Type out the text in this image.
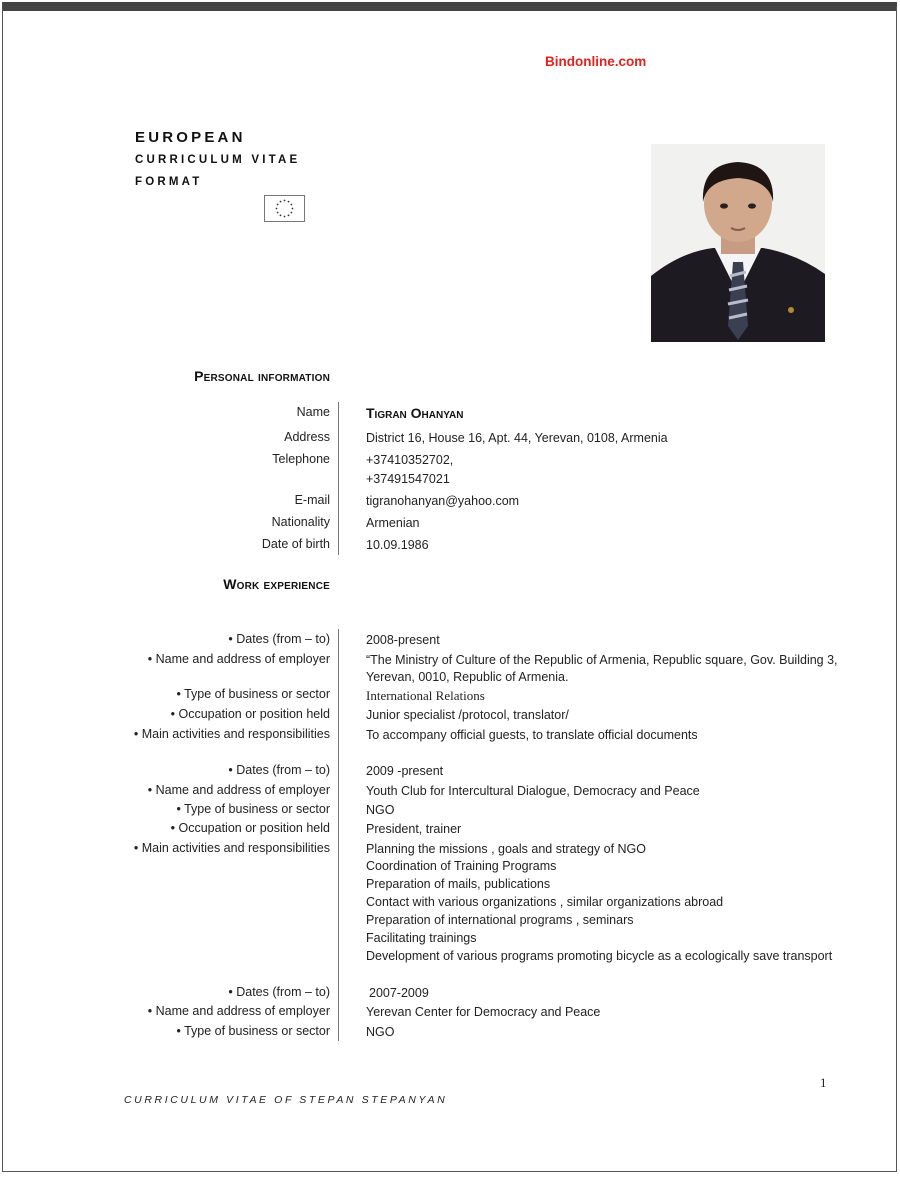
Bindonline.com
EUROPEAN
CURRICULUM VITAE
FORMAT
Personal information
Name	Tigran Ohanyan
Address	District 16, House 16, Apt. 44, Yerevan, 0108, Armenia
Telephone	+37410352702,
+37491547021
E-mail	tigranohanyan@yahoo.com
Nationality	Armenian
Date of birth	10.09.1986
Work experience
• Dates (from – to)	2008-present
• Name and address of employer	“The Ministry of Culture of the Republic of Armenia, Republic square, Gov. Building 3, Yerevan, 0010, Republic of Armenia.
• Type of business or sector	International Relations
• Occupation or position held	Junior specialist /protocol, translator/
• Main activities and responsibilities	To accompany official guests, to translate official documents
• Dates (from – to)	2009 -present
• Name and address of employer	Youth Club for Intercultural Dialogue, Democracy and Peace
• Type of business or sector	NGO
• Occupation or position held	President, trainer
• Main activities and responsibilities	Planning the missions , goals and strategy of NGO
Coordination of Training Programs
Preparation of mails, publications
Contact with various organizations , similar organizations abroad
Preparation of international programs , seminars
Facilitating trainings
Development of various programs promoting bicycle as a ecologically save transport
• Dates (from – to)	2007-2009
• Name and address of employer	Yerevan Center for Democracy and Peace
• Type of business or sector	NGO
1
CURRICULUM VITAE OF STEPAN STEPANYAN
